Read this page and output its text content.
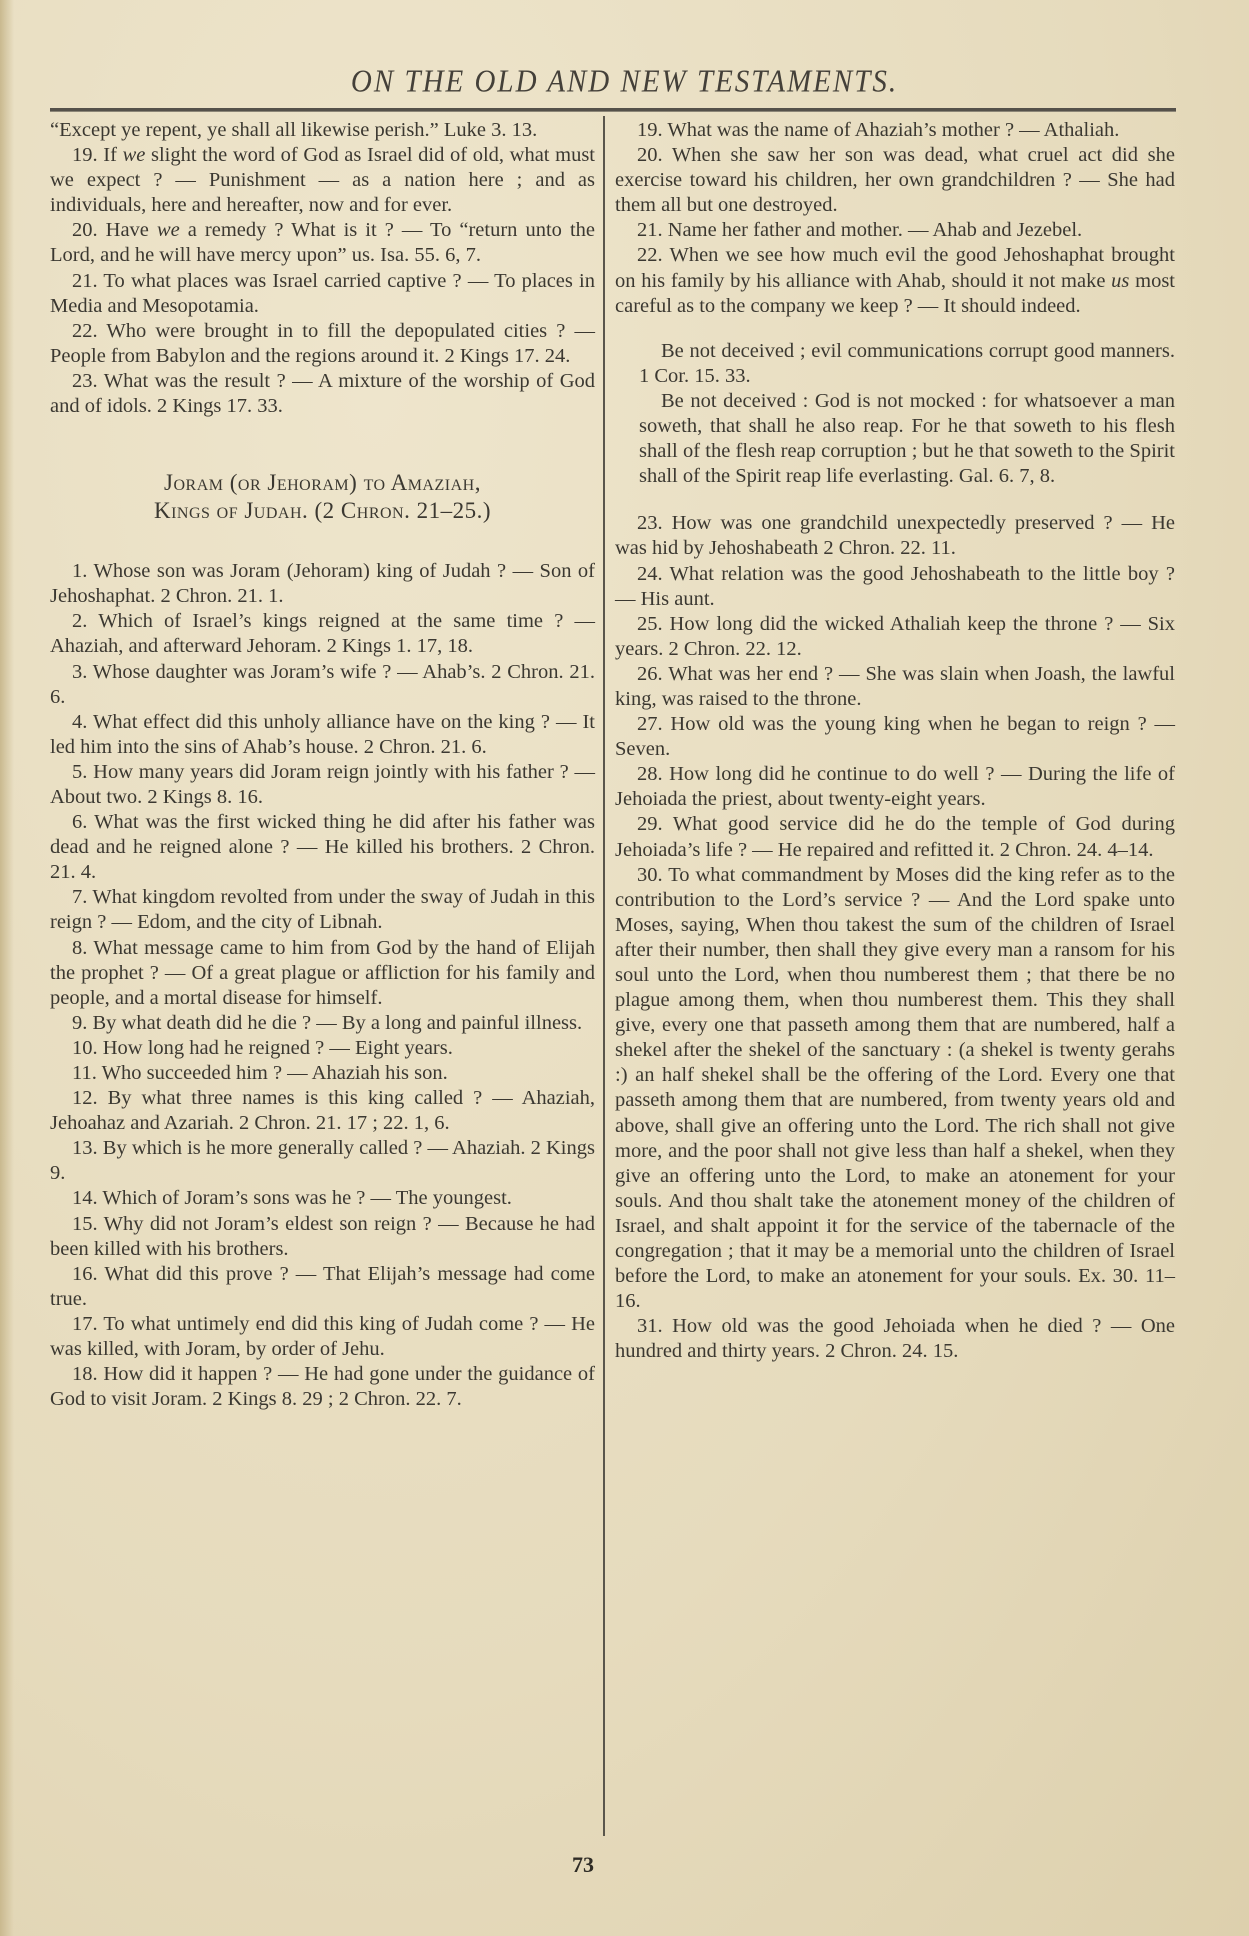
ON THE OLD AND NEW TESTAMENTS.

“Except ye repent, ye shall all likewise perish.” Luke 3. 13.

19. If we slight the word of God as Israel did of old, what must we expect ? — Punishment — as a nation here ; and as individuals, here and hereafter, now and for ever.

20. Have we a remedy ? What is it ? — To “return unto the Lord, and he will have mercy upon” us. Isa. 55. 6, 7.

21. To what places was Israel carried captive ? — To places in Media and Mesopotamia.

22. Who were brought in to fill the depopulated cities ? — People from Babylon and the regions around it. 2 Kings 17. 24.

23. What was the result ? — A mixture of the worship of God and of idols. 2 Kings 17. 33.

Joram (or Jehoram) to Amaziah,
Kings of Judah. (2 Chron. 21–25.)

1. Whose son was Joram (Jehoram) king of Judah ? — Son of Jehoshaphat. 2 Chron. 21. 1.

2. Which of Israel’s kings reigned at the same time ? — Ahaziah, and afterward Jehoram. 2 Kings 1. 17, 18.

3. Whose daughter was Joram’s wife ? — Ahab’s. 2 Chron. 21. 6.

4. What effect did this unholy alliance have on the king ? — It led him into the sins of Ahab’s house. 2 Chron. 21. 6.

5. How many years did Joram reign jointly with his father ? — About two. 2 Kings 8. 16.

6. What was the first wicked thing he did after his father was dead and he reigned alone ? — He killed his brothers. 2 Chron. 21. 4.

7. What kingdom revolted from under the sway of Judah in this reign ? — Edom, and the city of Libnah.

8. What message came to him from God by the hand of Elijah the prophet ? — Of a great plague or affliction for his family and people, and a mortal disease for himself.

9. By what death did he die ? — By a long and painful illness.

10. How long had he reigned ? — Eight years.

11. Who succeeded him ? — Ahaziah his son.

12. By what three names is this king called ? — Ahaziah, Jehoahaz and Azariah. 2 Chron. 21. 17 ; 22. 1, 6.

13. By which is he more generally called ? — Ahaziah. 2 Kings 9.

14. Which of Joram’s sons was he ? — The youngest.

15. Why did not Joram’s eldest son reign ? — Because he had been killed with his brothers.

16. What did this prove ? — That Elijah’s message had come true.

17. To what untimely end did this king of Judah come ? — He was killed, with Joram, by order of Jehu.

18. How did it happen ? — He had gone under the guidance of God to visit Joram. 2 Kings 8. 29 ; 2 Chron. 22. 7.

19. What was the name of Ahaziah’s mother ? — Athaliah.

20. When she saw her son was dead, what cruel act did she exercise toward his children, her own grandchildren ? — She had them all but one destroyed.

21. Name her father and mother. — Ahab and Jezebel.

22. When we see how much evil the good Jehoshaphat brought on his family by his alliance with Ahab, should it not make us most careful as to the company we keep ? — It should indeed.

Be not deceived ; evil communications corrupt good manners. 1 Cor. 15. 33.

Be not deceived : God is not mocked : for whatsoever a man soweth, that shall he also reap. For he that soweth to his flesh shall of the flesh reap corruption ; but he that soweth to the Spirit shall of the Spirit reap life everlasting. Gal. 6. 7, 8.

23. How was one grandchild unexpectedly preserved ? — He was hid by Jehoshabeath 2 Chron. 22. 11.

24. What relation was the good Jehoshabeath to the little boy ? — His aunt.

25. How long did the wicked Athaliah keep the throne ? — Six years. 2 Chron. 22. 12.

26. What was her end ? — She was slain when Joash, the lawful king, was raised to the throne.

27. How old was the young king when he began to reign ? — Seven.

28. How long did he continue to do well ? — During the life of Jehoiada the priest, about twenty-eight years.

29. What good service did he do the temple of God during Jehoiada’s life ? — He repaired and refitted it. 2 Chron. 24. 4–14.

30. To what commandment by Moses did the king refer as to the contribution to the Lord’s service ? — And the Lord spake unto Moses, saying, When thou takest the sum of the children of Israel after their number, then shall they give every man a ransom for his soul unto the Lord, when thou numberest them ; that there be no plague among them, when thou numberest them. This they shall give, every one that passeth among them that are numbered, half a shekel after the shekel of the sanctuary : (a shekel is twenty gerahs :) an half shekel shall be the offering of the Lord. Every one that passeth among them that are numbered, from twenty years old and above, shall give an offering unto the Lord. The rich shall not give more, and the poor shall not give less than half a shekel, when they give an offering unto the Lord, to make an atonement for your souls. And thou shalt take the atonement money of the children of Israel, and shalt appoint it for the service of the tabernacle of the congregation ; that it may be a memorial unto the children of Israel before the Lord, to make an atonement for your souls. Ex. 30. 11–16.

31. How old was the good Jehoiada when he died ? — One hundred and thirty years. 2 Chron. 24. 15.

73
